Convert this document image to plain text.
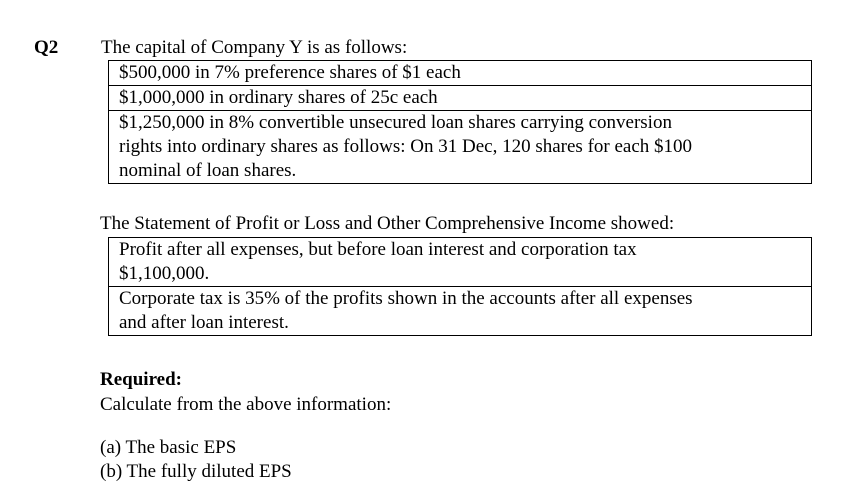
Q2 The capital of Company Y is as follows:
$500,000 in 7% preference shares of $1 each
$1,000,000 in ordinary shares of 25c each
$1,250,000 in 8% convertible unsecured loan shares carrying conversion
rights into ordinary shares as follows: On 31 Dec, 120 shares for each $100
nominal of loan shares.
The Statement of Profit or Loss and Other Comprehensive Income showed:
Profit after all expenses, but before loan interest and corporation tax
$1,100,000.
Corporate tax is 35% of the profits shown in the accounts after all expenses
and after loan interest.
Required:
Calculate from the above information:
(a) The basic EPS
(b) The fully diluted EPS
